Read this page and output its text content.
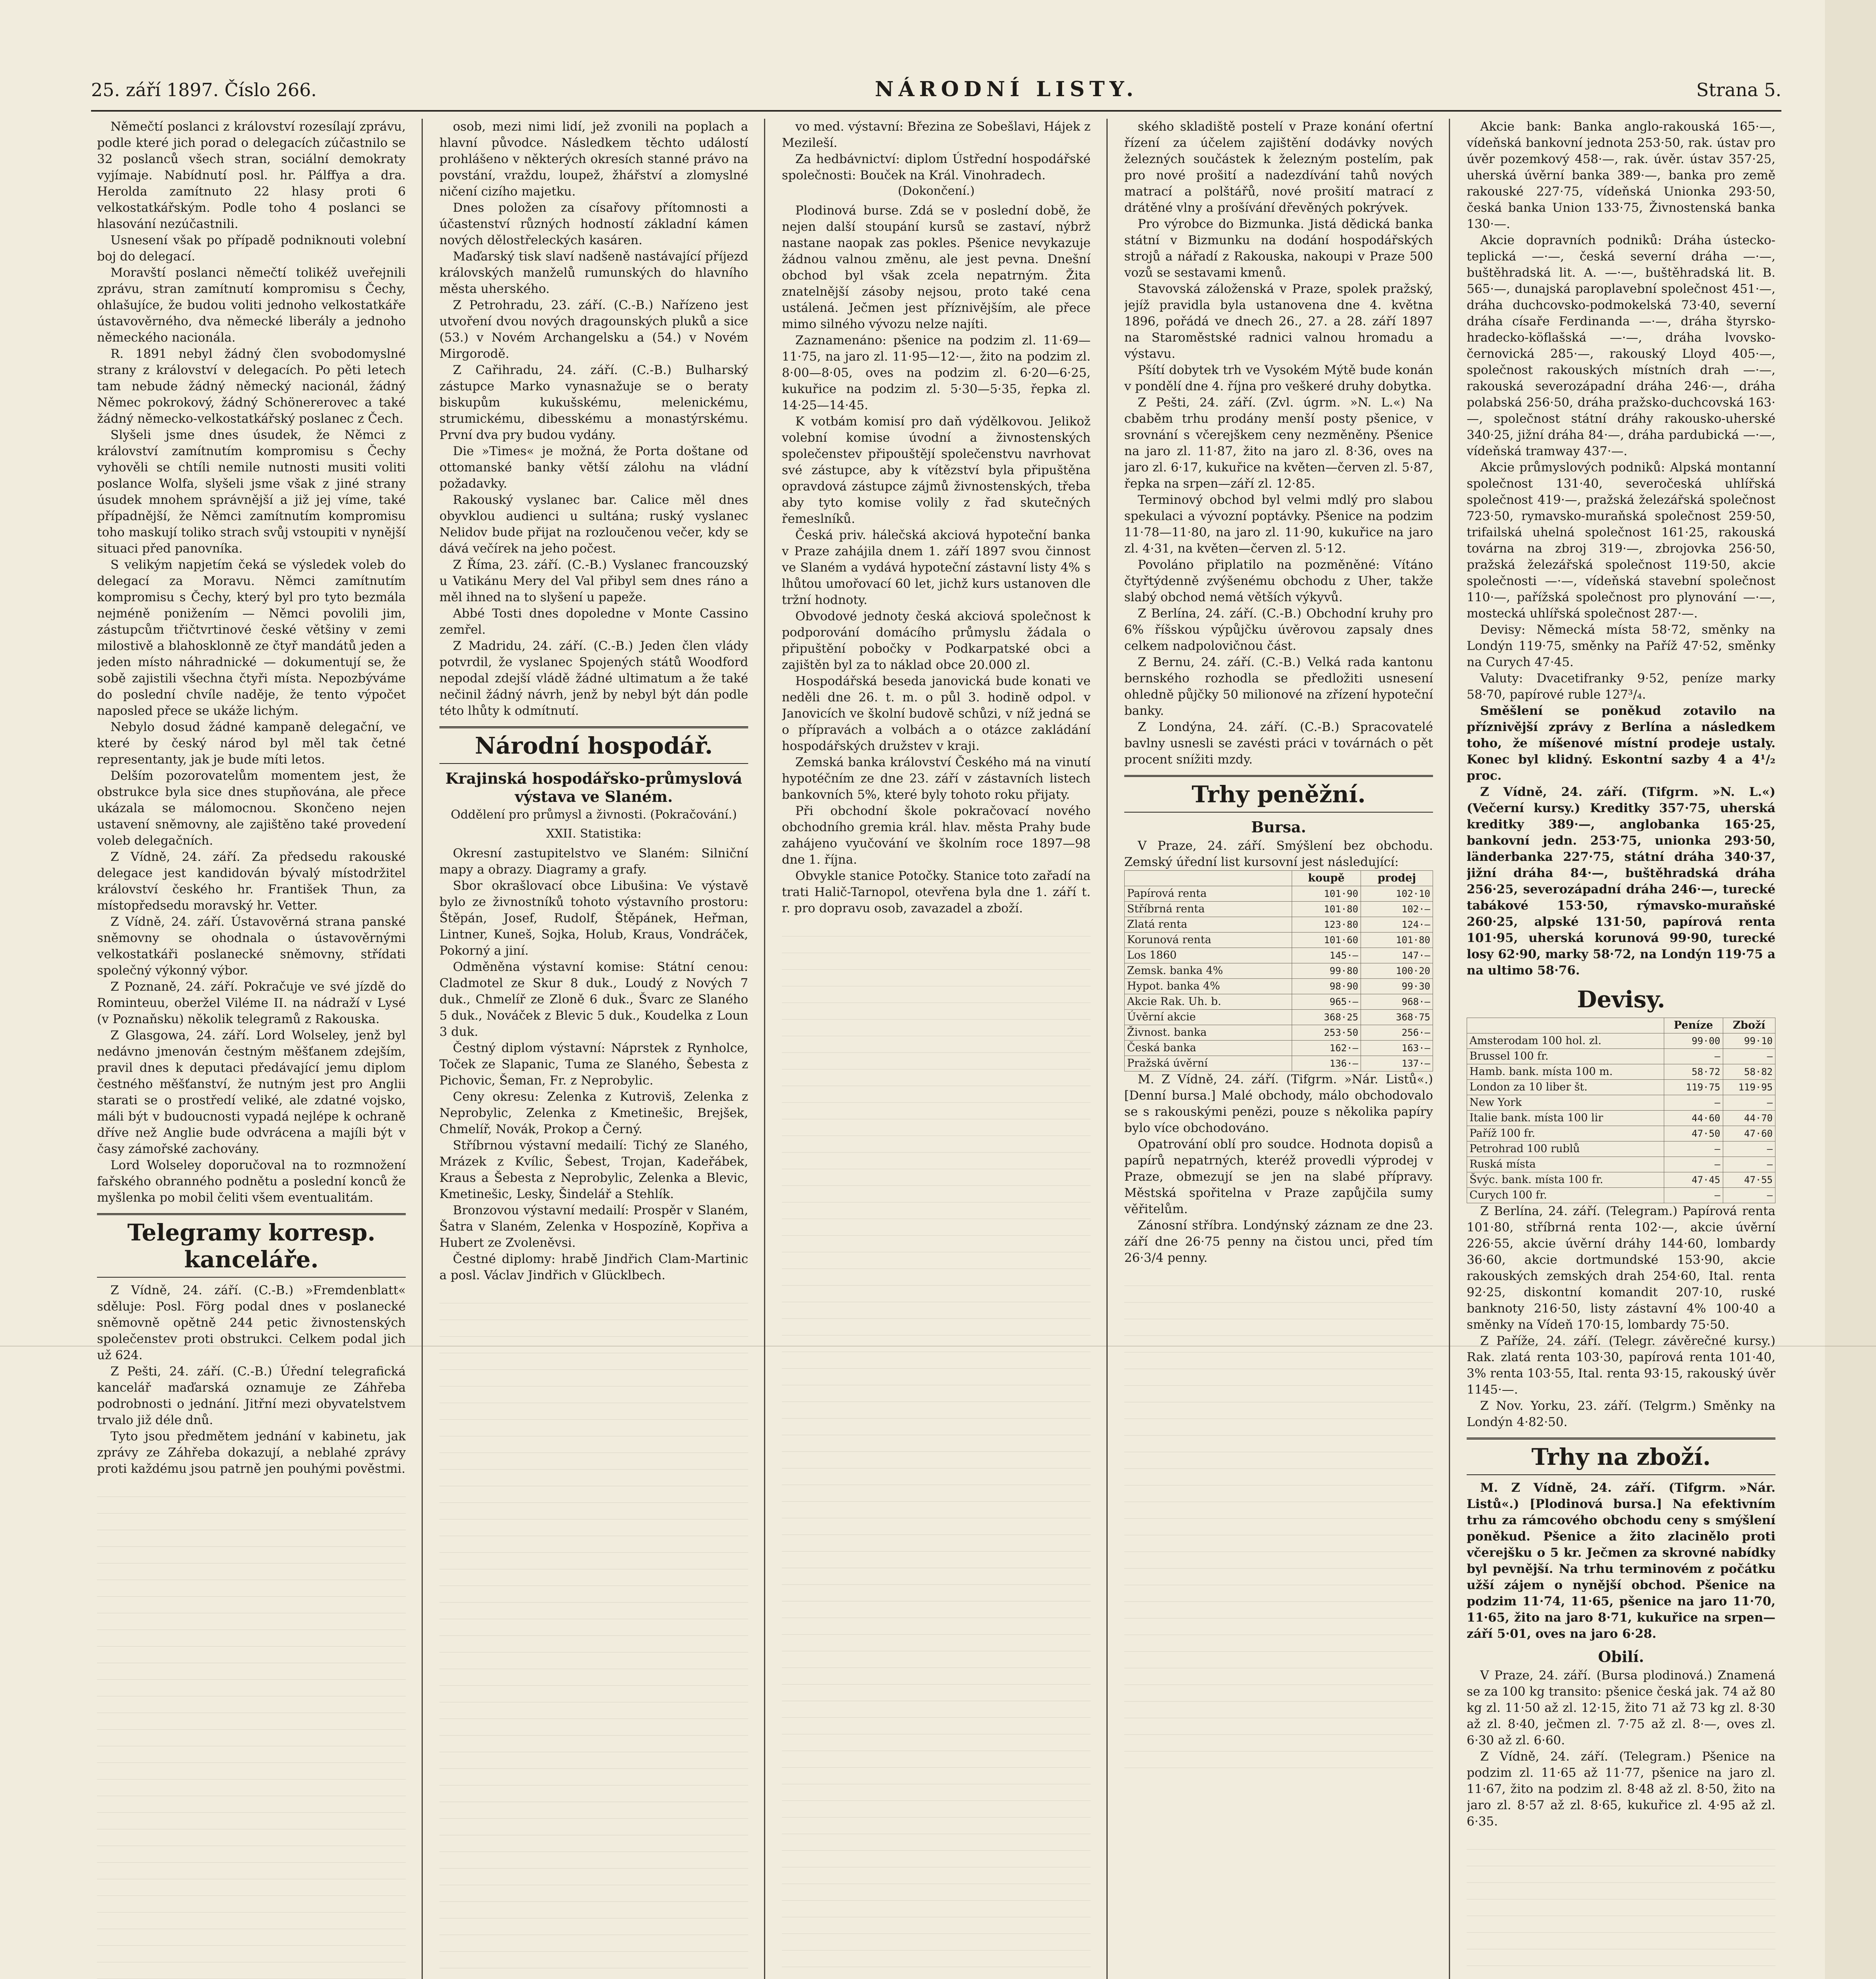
25. září 1897. Číslo 266.	NÁRODNÍ LISTY.	Strana 5.

Němečtí poslanci z království rozesílají zprávu, podle které jich porad o delegacích zúčastnilo se 32 poslanců všech stran, sociální demokraty vyjímaje. Nabídnutí posl. hr. Pálffya a dra. Herolda zamítnuto 22 hlasy proti 6 velkostatkářským. Podle toho 4 poslanci se hlasování nezúčastnili.

Usnesení však po případě podniknouti volební boj do delegací.

Moravští poslanci němečtí tolikéž uveřejnili zprávu, stran zamítnutí kompromisu s Čechy, ohlašujíce, že budou voliti jednoho velkostatkáře ústavověrného, dva německé liberály a jednoho německého nacionála.

R. 1891 nebyl žádný člen svobodomyslné strany z království v delegacích. Po pěti letech tam nebude žádný německý nacionál, žádný Němec pokrokový, žádný Schönererovec a také žádný německo-velkostatkářský poslanec z Čech.

Slyšeli jsme dnes úsudek, že Němci z království zamítnutím kompromisu s Čechy vyhověli se chtíli nemile nutnosti musiti voliti poslance Wolfa, slyšeli jsme však z jiné strany úsudek mnohem správnější a již jej víme, také případnější, že Němci zamítnutím kompromisu toho maskují toliko strach svůj vstoupiti v nynější situaci před panovníka.

S velikým napjetím čeká se výsledek voleb do delegací za Moravu. Němci zamítnutím kompromisu s Čechy, který byl pro tyto bezmála nejméně ponižením — Němci povolili jim, zástupcům třičtvrtinové české většiny v zemi milostivě a blahosklonně ze čtyř mandátů jeden a jeden místo náhradnické — dokumentují se, že sobě zajistili všechna čtyři místa. Nepozbýváme do poslední chvíle naděje, že tento výpočet naposled přece se ukáže lichým.

Nebylo dosud žádné kampaně delegační, ve které by český národ byl měl tak četné representanty, jak je bude míti letos.

Delším pozorovatelům momentem jest, že obstrukce byla sice dnes stupňována, ale přece ukázala se málomocnou. Skončeno nejen ustavení sněmovny, ale zajištěno také provedení voleb delegačních.

Z Vídně, 24. září. Za předsedu rakouské delegace jest kandidován bývalý místodržitel království českého hr. František Thun, za místopředsedu moravský hr. Vetter.

Z Vídně, 24. září. Ústavověrná strana panské sněmovny se ohodnala o ústavověrnými velkostatkáři poslanecké sněmovny, střídati společný výkonný výbor.

Z Poznaně, 24. září. Pokračuje ve své jízdě do Rominteuu, oberžel Viléme II. na nádraží v Lysé (v Poznaňsku) několik telegramů z Rakouska.

Z Glasgowa, 24. září. Lord Wolseley, jenž byl nedávno jmenován čestným měšťanem zdejším, pravil dnes k deputaci předávající jemu diplom čestného měšťanství, že nutným jest pro Anglii starati se o prostředí veliké, ale zdatné vojsko, máli být v budoucnosti vypadá nejlépe k ochraně dříve než Anglie bude odvrácena a majíli být v časy zámořské zachovány.

Lord Wolseley doporučoval na to rozmnožení fařského obranného podnětu a poslední konců že myšlenka po mobil čeliti všem eventualitám.

Telegramy korresp. kanceláře.

Z Vídně, 24. září. (C.-B.) »Fremdenblatt« sděluje: Posl. Förg podal dnes v poslanecké sněmovně opětně 244 petic živnostenských společenstev proti obstrukci. Celkem podal jich už 624.

Z Pešti, 24. září. (C.-B.) Úřední telegrafická kancelář maďarská oznamuje ze Záhřeba podrobnosti o jednání. Jitřní mezi obyvatelstvem trvalo již déle dnů.

Tyto jsou předmětem jednání v kabinetu, jak zprávy ze Záhřeba dokazují, a neblahé zprávy proti každému jsou patrně jen pouhými pověstmi.

osob, mezi nimi lidí, jež zvonili na poplach a hlavní původce. Následkem těchto událostí prohlášeno v některých okresích stanné právo na povstání, vraždu, loupež, žhářství a zlomyslné ničení cizího majetku.

Dnes položen za císařovy přítomnosti a účastenství různých hodností základní kámen nových dělostřeleckých kasáren.

Maďarský tisk slaví nadšeně nastávající příjezd královských manželů rumunských do hlavního města uherského.

Z Petrohradu, 23. září. (C.-B.) Nařízeno jest utvoření dvou nových dragounských pluků a sice (53.) v Novém Archangelsku a (54.) v Novém Mirgorodě.

Z Cařihradu, 24. září. (C.-B.) Bulharský zástupce Marko vynasnažuje se o beraty biskupům kukušskému, melenickému, strumickému, dibesskému a monastýrskému. První dva pry budou vydány.

Die »Times« je možná, že Porta doštane od ottomanské banky větší zálohu na vládní požadavky.

Rakouský vyslanec bar. Calice měl dnes obyvklou audienci u sultána; ruský vyslanec Nelidov bude přijat na rozloučenou večer, kdy se dává večírek na jeho počest.

Z Říma, 23. září. (C.-B.) Vyslanec francouzský u Vatikánu Mery del Val přibyl sem dnes ráno a měl ihned na to slyšení u papeže.

Abbé Tosti dnes dopoledne v Monte Cassino zemřel.

Z Madridu, 24. září. (C.-B.) Jeden člen vlády potvrdil, že vyslanec Spojených států Woodford nepodal zdejší vládě žádné ultimatum a že také nečinil žádný návrh, jenž by nebyl být dán podle této lhůty k odmítnutí.

Národní hospodář.
Krajinská hospodářsko-průmyslová výstava ve Slaném.
Oddělení pro průmysl a živnosti. (Pokračování.)
XXII. Statistika:

Okresní zastupitelstvo ve Slaném: Silniční mapy a obrazy. Diagramy a grafy.

Sbor okrašlovací obce Libušina: Ve výstavě bylo ze živnostníků tohoto výstavního prostoru: Štěpán, Josef, Rudolf, Štěpánek, Heřman, Lintner, Kuneš, Sojka, Holub, Kraus, Vondráček, Pokorný a jiní.

Odměněna výstavní komise: Státní cenou: Cladmotel ze Skur 8 duk., Loudý z Nových 7 duk., Chmelíř ze Zloně 6 duk., Švarc ze Slaného 5 duk., Nováček z Blevic 5 duk., Koudelka z Loun 3 duk.

Čestný diplom výstavní: Náprstek z Rynholce, Toček ze Slapanic, Tuma ze Slaného, Šebesta z Pichovic, Šeman, Fr. z Neprobylic.

Ceny okresu: Zelenka z Kutroviš, Zelenka z Neprobylic, Zelenka z Kmetinešic, Brejšek, Chmelíř, Novák, Prokop a Černý.

Stříbrnou výstavní medailí: Tichý ze Slaného, Mrázek z Kvílic, Šebest, Trojan, Kadeřábek, Kraus a Šebesta z Neprobylic, Zelenka a Blevic, Kmetinešic, Lesky, Šindelář a Stehlík.

Bronzovou výstavní medailí: Prospěr v Slaném, Šatra v Slaném, Zelenka v Hospozíně, Kopřiva a Hubert ze Zvoleněvsi.

Čestné diplomy: hrabě Jindřich Clam-Martinic a posl. Václav Jindřich v Glücklbech.

vo med. výstavní: Březina ze Sobešlavi, Hájek z Mezileší.

Za hedbávnictví: diplom Ústřední hospodářské společnosti: Bouček na Král. Vinohradech.

(Dokončení.)

Plodinová burse. Zdá se v poslední době, že nejen další stoupání kursů se zastaví, nýbrž nastane naopak zas pokles. Pšenice nevykazuje žádnou valnou změnu, ale jest pevna. Dnešní obchod byl však zcela nepatrným. Žita znatelnější zásoby nejsou, proto také cena ustálená. Ječmen jest příznivějším, ale přece mimo silného vývozu nelze najíti.

Zaznamenáno: pšenice na podzim zl. 11·69—11·75, na jaro zl. 11·95—12·—, žito na podzim zl. 8·00—8·05, oves na podzim zl. 6·20—6·25, kukuřice na podzim zl. 5·30—5·35, řepka zl. 14·25—14·45.

K votbám komisí pro daň výdělkovou. Jelikož volební komise úvodní a živnostenských společenstev připouštějí společenstvu navrhovat své zástupce, aby k vítězství byla připuštěna opravdová zástupce zájmů živnostenských, třeba aby tyto komise volily z řad skutečných řemeslníků.

Česká priv. hálečská akciová hypoteční banka v Praze zahájila dnem 1. září 1897 svou činnost ve Slaném a vydává hypoteční zástavní listy 4% s lhůtou umořovací 60 let, jichž kurs ustanoven dle tržní hodnoty.

Obvodové jednoty česká akciová společnost k podporování domácího průmyslu žádala o připuštění pobočky v Podkarpatské obci a zajištěn byl za to náklad obce 20.000 zl.

Hospodářská beseda janovická bude konati ve neděli dne 26. t. m. o půl 3. hodině odpol. v Janovicích ve školní budově schůzi, v níž jedná se o přípravách a volbách a o otázce zakládání hospodářských družstev v kraji.

Zemská banka království Českého má na vinutí hypotéčním ze dne 23. září v zástavních listech bankovních 5%, které byly tohoto roku přijaty.

Při obchodní škole pokračovací nového obchodního gremia král. hlav. města Prahy bude zahájeno vyučování ve školním roce 1897—98 dne 1. října.

Obvykle stanice Potočky. Stanice toto zařadí na trati Halič-Tarnopol, otevřena byla dne 1. září t. r. pro dopravu osob, zavazadel a zboží.

ského skladiště postelí v Praze konání ofertní řízení za účelem zajištění dodávky nových železných součástek k železným postelím, pak pro nové prošití a nadezdívání tahů nových matrací a polštářů, nové prošití matrací z drátěné vlny a prošívání dřevěných pokrývek.

Pro výrobce do Bizmunka. Jistá dědická banka státní v Bizmunku na dodání hospodářských strojů a nářadí z Rakouska, nakoupi v Praze 500 vozů se sestavami kmenů.

Stavovská záloženská v Praze, spolek pražský, jejíž pravidla byla ustanovena dne 4. května 1896, pořádá ve dnech 26., 27. a 28. září 1897 na Staroměstské radnici valnou hromadu a výstavu.

Pšítí dobytek trh ve Vysokém Mýtě bude konán v pondělí dne 4. října pro veškeré druhy dobytka.

Z Pešti, 24. září. (Zvl. úgrm. »N. L.«) Na cbaběm trhu prodány menší posty pšenice, v srovnání s včerejškem ceny nezměněny. Pšenice na jaro zl. 11·87, žito na jaro zl. 8·36, oves na jaro zl. 6·17, kukuřice na květen—červen zl. 5·87, řepka na srpen—září zl. 12·85.

Terminový obchod byl velmi mdlý pro slabou spekulaci a vývozní poptávky. Pšenice na podzim 11·78—11·80, na jaro zl. 11·90, kukuřice na jaro zl. 4·31, na květen—červen zl. 5·12.

Povoláno připlatilo na pozměněné: Vítáno čtyřtýdenně zvýšenému obchodu z Uher, takže slabý obchod nemá větších výkyvů.

Z Berlína, 24. září. (C.-B.) Obchodní kruhy pro 6% říšskou výpůjčku úvěrovou zapsaly dnes celkem nadpolovičnou část.

Z Bernu, 24. září. (C.-B.) Velká rada kantonu bernského rozhodla se předložiti usnesení ohledně půjčky 50 milionové na zřízení hypoteční banky.

Z Londýna, 24. září. (C.-B.) Spracovatelé bavlny usnesli se zavésti práci v továrnách o pět procent snížiti mzdy.

Trhy peněžní.
Bursa.

V Praze, 24. září. Smýšlení bez obchodu. Zemský úřední list kursovní jest následující:

	koupě	prodej
Papírová renta	101·90	102·10
Stříbrná renta	101·80	102·—
Zlatá renta	123·80	124·—
Korunová renta	101·60	101·80
Los 1860	145·—	147·—
Zemsk. banka 4%	99·80	100·20
Hypot. banka 4%	98·90	99·30
Akcie Rak. Uh. b.	965·—	968·—
Úvěrní akcie	368·25	368·75
Živnost. banka	253·50	256·—
Česká banka	162·—	163·—
Pražská úvěrní	136·—	137·—

M. Z Vídně, 24. září. (Tifgrm. »Nár. Listů«.) [Denní bursa.] Malé obchody, málo obchodovalo se s rakouskými penězi, pouze s několika papíry bylo více obchodováno.

Opatrování oblí pro soudce. Hodnota dopisů a papírů nepatrných, kteréž provedli výprodej v Praze, obmezují se jen na slabé přípravy. Městská spořitelna v Praze zapůjčila sumy věřitelům.

Zánosní stříbra. Londýnský záznam ze dne 23. září dne 26·75 penny na čistou unci, před tím 26·3/4 penny.

Akcie bank: Banka anglo-rakouská 165·—, vídeňská bankovní jednota 253·50, rak. ústav pro úvěr pozemkový 458·—, rak. úvěr. ústav 357·25, uherská úvěrní banka 389·—, banka pro země rakouské 227·75, vídeňská Unionka 293·50, česká banka Union 133·75, Živnostenská banka 130·—.

Akcie dopravních podniků: Dráha ústecko-teplická —·—, česká severní dráha —·—, buštěhradská lit. A. —·—, buštěhradská lit. B. 565·—, dunajská paroplavební společnost 451·—, dráha duchcovsko-podmokelská 73·40, severní dráha císaře Ferdinanda —·—, dráha štyrsko-hradecko-köflašská —·—, dráha lvovsko-černovická 285·—, rakouský Lloyd 405·—, společnost rakouských místních drah —·—, rakouská severozápadní dráha 246·—, dráha polabská 256·50, dráha pražsko-duchcovská 163·—, společnost státní dráhy rakousko-uherské 340·25, jižní dráha 84·—, dráha pardubická —·—, vídeňská tramway 437·—.

Akcie průmyslových podniků: Alpská montanní společnost 131·40, severočeská uhlířská společnost 419·—, pražská železářská společnost 723·50, rymavsko-muraňská společnost 259·50, trifailská uhelná společnost 161·25, rakouská továrna na zbroj 319·—, zbrojovka 256·50, pražská železářská společnost 119·50, akcie společnosti —·—, vídeňská stavební společnost 110·—, pařížská společnost pro plynování —·—, mostecká uhlířská společnost 287·—.

Devisy: Německá místa 58·72, směnky na Londýn 119·75, směnky na Paříž 47·52, směnky na Curych 47·45.

Valuty: Dvacetifranky 9·52, peníze marky 58·70, papírové ruble 127³/₄.

Směšlení se poněkud zotavilo na příznivější zprávy z Berlína a následkem toho, že míšenové místní prodeje ustaly. Konec byl klidný. Eskontní sazby 4 a 4¹/₂ proc.

Z Vídně, 24. září. (Tifgrm. »N. L.«) (Večerní kursy.) Kreditky 357·75, uherská kreditky 389·—, anglobanka 165·25, bankovní jedn. 253·75, unionka 293·50, länderbanka 227·75, státní dráha 340·37, jižní dráha 84·—, buštěhradská dráha 256·25, severozápadní dráha 246·—, turecké tabákové 153·50, rýmavsko-muraňské 260·25, alpské 131·50, papírová renta 101·95, uherská korunová 99·90, turecké losy 62·90, marky 58·72, na Londýn 119·75 a na ultimo 58·76.

Devisy.
	Peníze	Zboží
Amsterodam 100 hol. zl.	99·00	99·10
Brussel 100 fr.	—	—
Hamb. bank. místa 100 m.	58·72	58·82
London za 10 liber št.	119·75	119·95
New York	—	—
Italie bank. místa 100 lir	44·60	44·70
Paříž 100 fr.	47·50	47·60
Petrohrad 100 rublů	—	—
Ruská místa	—	—
Švýc. bank. místa 100 fr.	47·45	47·55
Curych 100 fr.	—	—

Z Berlína, 24. září. (Telegram.) Papírová renta 101·80, stříbrná renta 102·—, akcie úvěrní 226·55, akcie úvěrní dráhy 144·60, lombardy 36·60, akcie dortmundské 153·90, akcie rakouských zemských drah 254·60, Ital. renta 92·25, diskontní komandit 207·10, ruské banknoty 216·50, listy zástavní 4% 100·40 a směnky na Vídeň 170·15, lombardy 75·50.

Z Paříže, 24. září. (Telegr. závěrečné kursy.) Rak. zlatá renta 103·30, papírová renta 101·40, 3% renta 103·55, Ital. renta 93·15, rakouský úvěr 1145·—.

Z Nov. Yorku, 23. září. (Telgrm.) Směnky na Londýn 4·82·50.

Trhy na zboží.

M. Z Vídně, 24. září. (Tifgrm. »Nár. Listů«.) [Plodinová bursa.] Na efektivním trhu za rámcového obchodu ceny s smýšlení poněkud. Pšenice a žito zlacinělo proti včerejšku o 5 kr. Ječmen za skrovné nabídky byl pevnější. Na trhu terminovém z počátku užší zájem o nynější obchod. Pšenice na podzim 11·74, 11·65, pšenice na jaro 11·70, 11·65, žito na jaro 8·71, kukuřice na srpen—září 5·01, oves na jaro 6·28.

Obilí.

V Praze, 24. září. (Bursa plodinová.) Znamená se za 100 kg transito: pšenice česká jak. 74 až 80 kg zl. 11·50 až zl. 12·15, žito 71 až 73 kg zl. 8·30 až zl. 8·40, ječmen zl. 7·75 až zl. 8·—, oves zl. 6·30 až zl. 6·60.

Z Vídně, 24. září. (Telegram.) Pšenice na podzim zl. 11·65 až 11·77, pšenice na jaro zl. 11·67, žito na podzim zl. 8·48 až zl. 8·50, žito na jaro zl. 8·57 až zl. 8·65, kukuřice zl. 4·95 až zl. 6·35.
